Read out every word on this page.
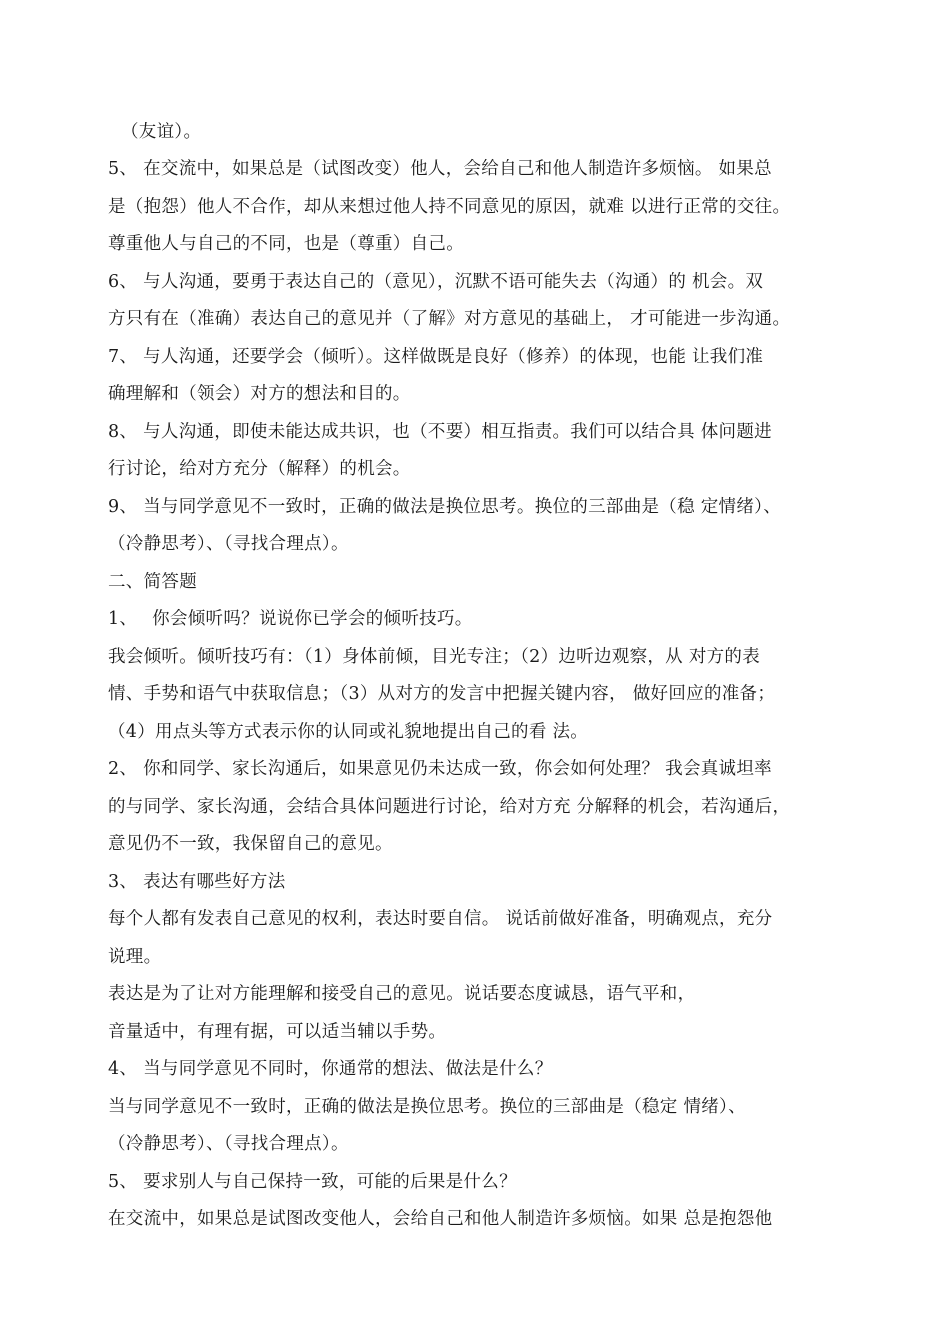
（友谊）。
5、 在交流中，如果总是（试图改变）他人，会给自己和他人制造许多烦恼。 如果总
是（抱怨）他人不合作，却从来想过他人持不同意见的原因，就难 以进行正常的交往。
尊重他人与自己的不同，也是（尊重）自己。
6、 与人沟通，要勇于表达自己的（意见），沉默不语可能失去（沟通）的 机会。双
方只有在（准确）表达自己的意见并（了解》对方意见的基础上， 才可能进一步沟通。
7、 与人沟通，还要学会（倾听）。这样做既是良好（修养）的体现，也能 让我们准
确理解和（领会）对方的想法和目的。
8、 与人沟通，即使未能达成共识，也（不要）相互指责。我们可以结合具 体问题进
行讨论，给对方充分（解释）的机会。
9、 当与同学意见不一致时，正确的做法是换位思考。换位的三部曲是（稳 定情绪）、
（冷静思考）、（寻找合理点）。
二、简答题
1、　 你会倾听吗？说说你已学会的倾听技巧。
我会倾听。倾听技巧有：（1）身体前倾，目光专注；（2）边听边观察，从 对方的表
情、手势和语气中获取信息；（3）从对方的发言中把握关键内容， 做好回应的准备；
（4）用点头等方式表示你的认同或礼貌地提出自己的看 法。
2、 你和同学、家长沟通后，如果意见仍未达成一致，你会如何处理？ 我会真诚坦率
的与同学、家长沟通，会结合具体问题进行讨论，给对方充 分解释的机会，若沟通后，
意见仍不一致，我保留自己的意见。
3、 表达有哪些好方法
每个人都有发表自己意见的权利，表达时要自信。 说话前做好准备，明确观点，充分
说理。
表达是为了让对方能理解和接受自己的意见。说话要态度诚恳，语气平和，
音量适中，有理有据，可以适当辅以手势。
4、 当与同学意见不同时，你通常的想法、做法是什么？
当与同学意见不一致时，正确的做法是换位思考。换位的三部曲是（稳定 情绪）、
（冷静思考）、（寻找合理点）。
5、 要求别人与自己保持一致，可能的后果是什么？
在交流中，如果总是试图改变他人，会给自己和他人制造许多烦恼。如果 总是抱怨他
